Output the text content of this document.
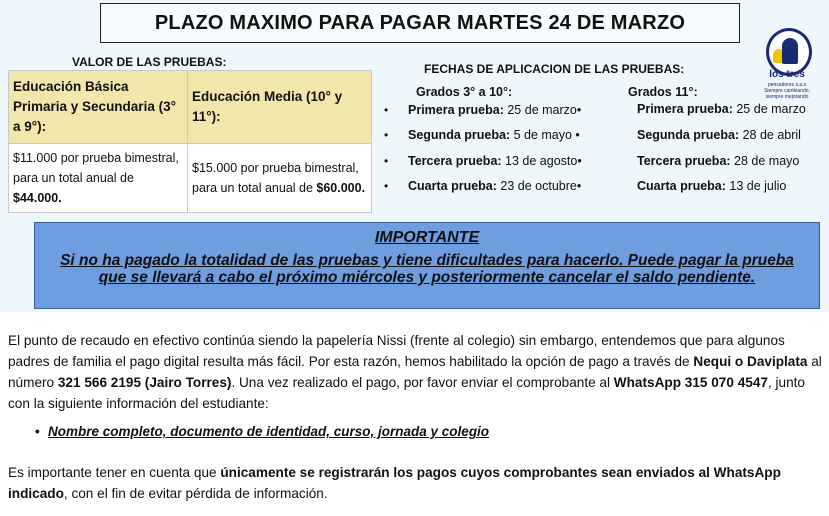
PLAZO MAXIMO PARA PAGAR MARTES 24 DE MARZO
los tres
pensadores s.a.s
Siempre cambiando, siempre mejorando
VALOR DE LAS PRUEBAS:
Educación Básica Primaria y Secundaria (3° a 9°):	Educación Media (10° y 11°):
$11.000 por prueba bimestral, para un total anual de $44.000.	$15.000 por prueba bimestral, para un total anual de $60.000.
FECHAS DE APLICACION DE LAS PRUEBAS:
Grados 3° a 10°:
• Primera prueba: 25 de marzo•
• Segunda prueba: 5 de mayo •
• Tercera prueba: 13 de agosto•
• Cuarta prueba: 23 de octubre•
Grados 11°:
Primera prueba: 25 de marzo
Segunda prueba: 28 de abril
Tercera prueba: 28 de mayo
Cuarta prueba: 13 de julio
IMPORTANTE
Si no ha pagado la totalidad de las pruebas y tiene dificultades para hacerlo. Puede pagar la prueba que se llevará a cabo el próximo miércoles y posteriormente cancelar el saldo pendiente.
El punto de recaudo en efectivo continúa siendo la papelería Nissi (frente al colegio) sin embargo, entendemos que para algunos padres de familia el pago digital resulta más fácil. Por esta razón, hemos habilitado la opción de pago a través de Nequi o Daviplata al número 321 566 2195 (Jairo Torres). Una vez realizado el pago, por favor enviar el comprobante al WhatsApp 315 070 4547, junto con la siguiente información del estudiante:
• Nombre completo, documento de identidad, curso, jornada y colegio
Es importante tener en cuenta que únicamente se registrarán los pagos cuyos comprobantes sean enviados al WhatsApp indicado, con el fin de evitar pérdida de información.
